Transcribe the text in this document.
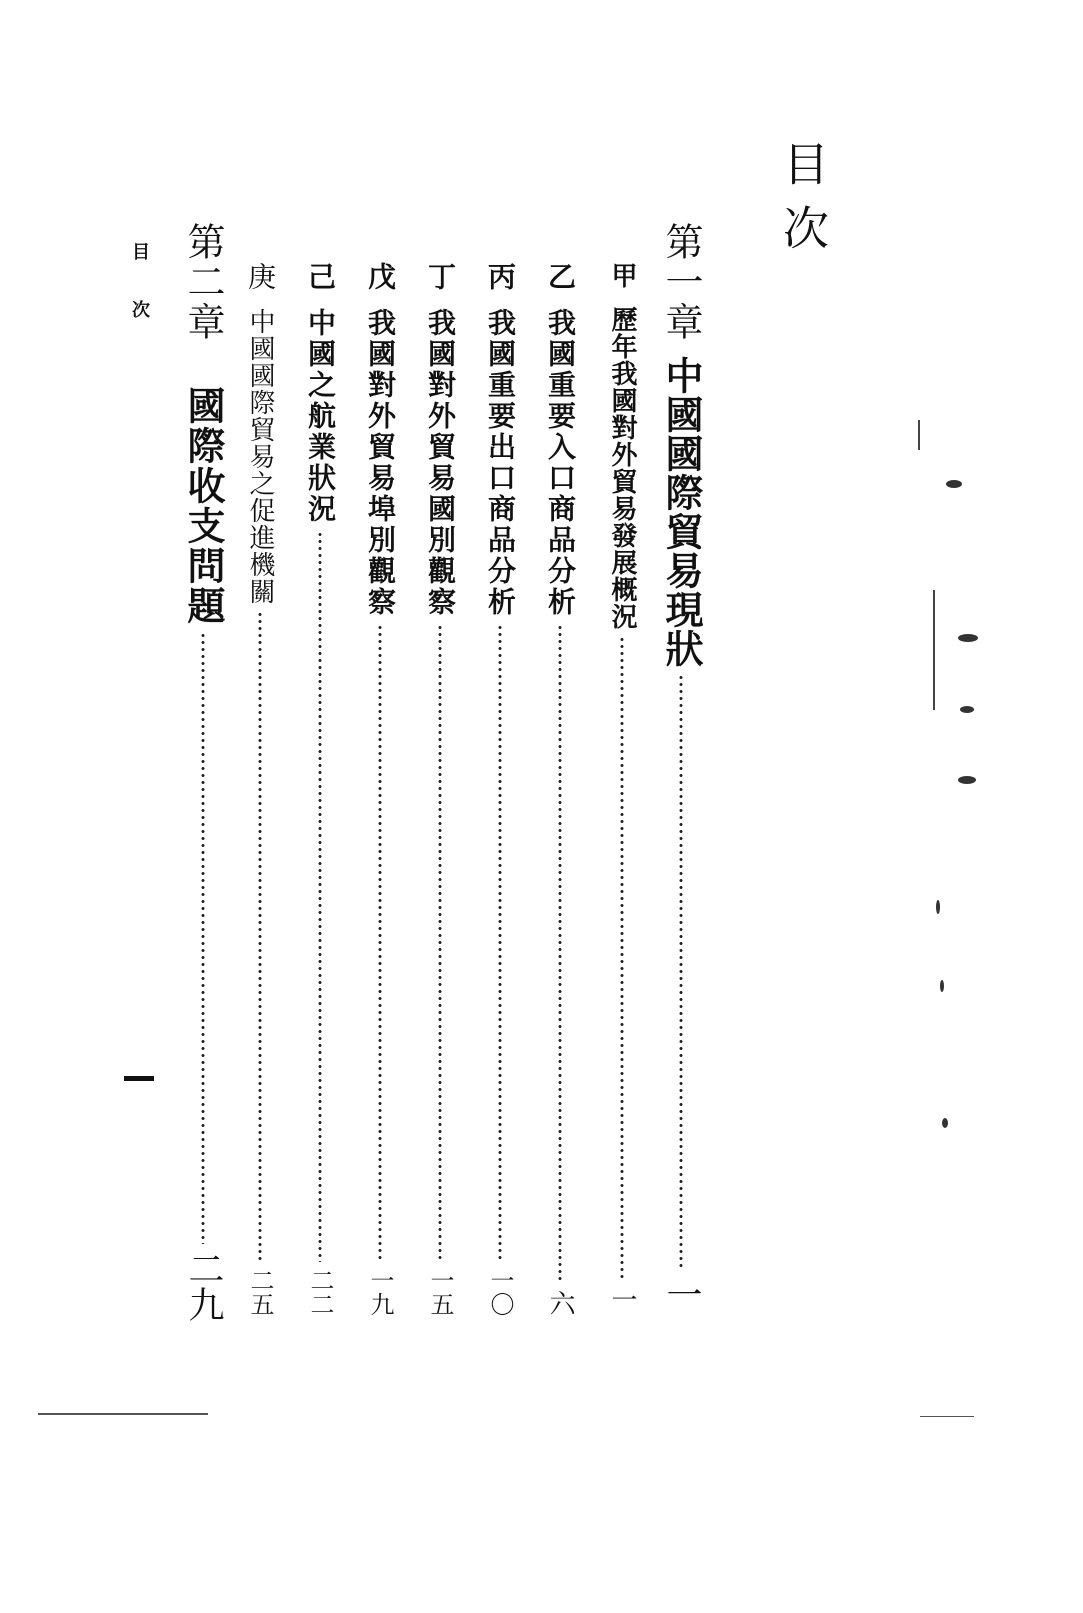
目次
第一章
中國國際貿易現狀
一
甲
歷年我國對外貿易發展概況
一
乙
我國重要入口商品分析
六
丙
我國重要出口商品分析
一〇
丁
我國對外貿易國別觀察
一五
戊
我國對外貿易埠別觀察
一九
己
中國之航業狀況
二二
庚
中國國際貿易之促進機關
二五
第二章
國際收支問題
二九
目次
